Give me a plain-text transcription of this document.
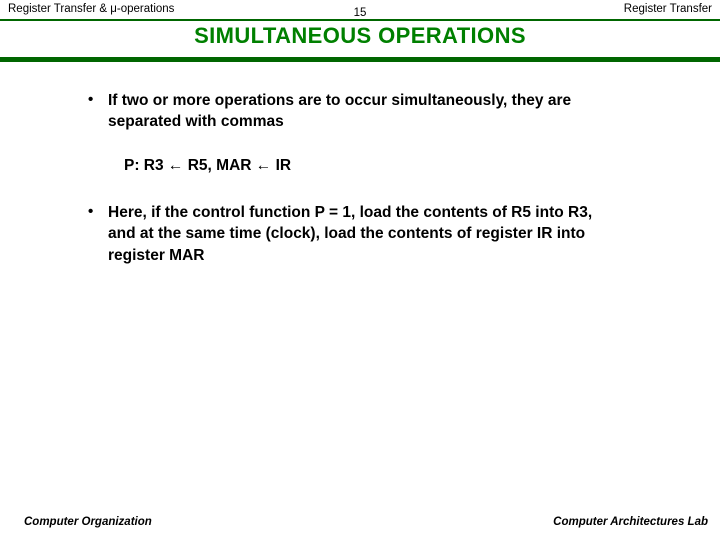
Register Transfer & μ-operations	15	Register Transfer
SIMULTANEOUS OPERATIONS
• If two or more operations are to occur simultaneously, they are separated with commas
P: R3 ← R5, MAR ← IR
• Here, if the control function P = 1, load the contents of R5 into R3, and at the same time (clock), load the contents of register IR into register MAR
Computer Organization	Computer Architectures Lab
